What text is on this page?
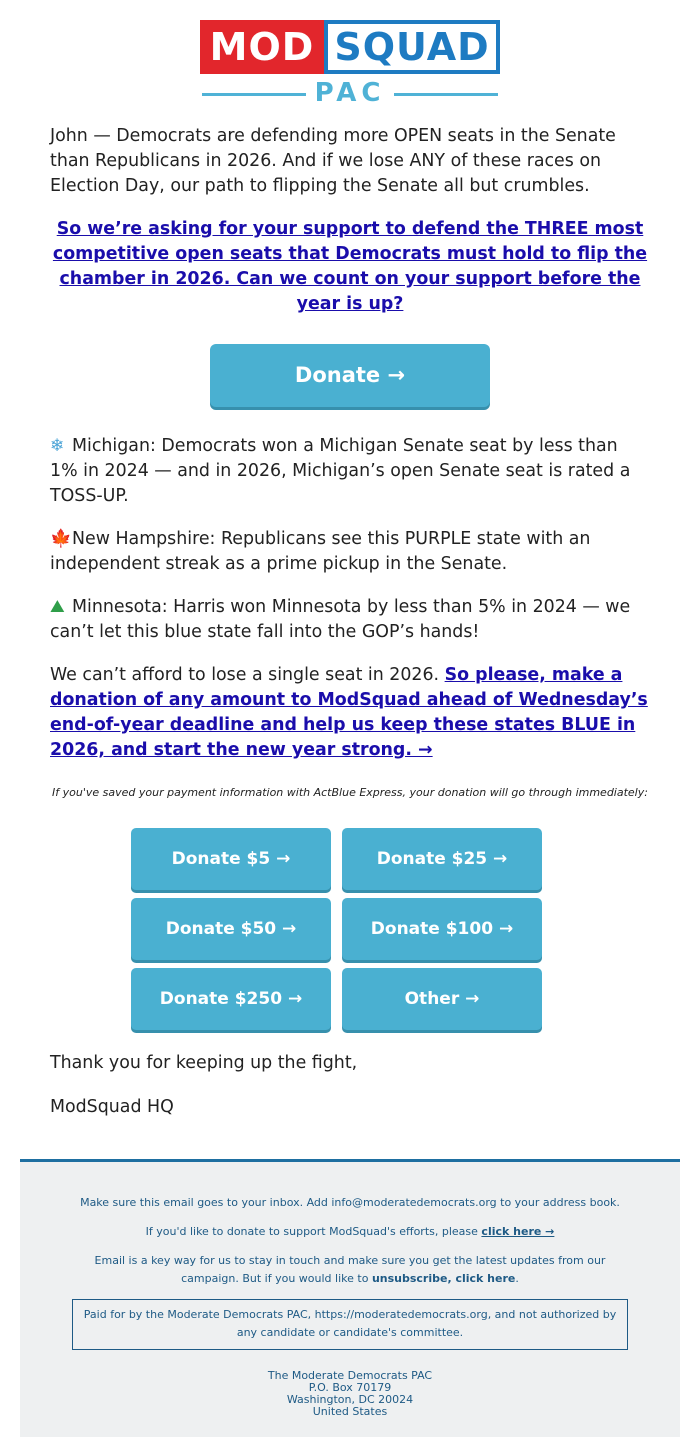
MOD SQUAD
PAC

John — Democrats are defending more OPEN seats in the Senate than Republicans in 2026. And if we lose ANY of these races on Election Day, our path to flipping the Senate all but crumbles.

So we’re asking for your support to defend the THREE most competitive open seats that Democrats must hold to flip the chamber in 2026. Can we count on your support before the year is up?
Donate →

❄ Michigan: Democrats won a Michigan Senate seat by less than 1% in 2024 — and in 2026, Michigan’s open Senate seat is rated a TOSS-UP.

🍁New Hampshire: Republicans see this PURPLE state with an independent streak as a prime pickup in the Senate.

⛰ Minnesota: Harris won Minnesota by less than 5% in 2024 — we can’t let this blue state fall into the GOP’s hands!

We can’t afford to lose a single seat in 2026. So please, make a donation of any amount to ModSquad ahead of Wednesday’s end-of-year deadline and help us keep these states BLUE in 2026, and start the new year strong. →

If you've saved your payment information with ActBlue Express, your donation will go through immediately:

Donate $5 →	Donate $25 →
Donate $50 →	Donate $100 →
Donate $250 →	Other →

Thank you for keeping up the fight,

ModSquad HQ

Make sure this email goes to your inbox. Add info@moderatedemocrats.org to your address book.
If you'd like to donate to support ModSquad's efforts, please click here →
Email is a key way for us to stay in touch and make sure you get the latest updates from our
campaign. But if you would like to unsubscribe, click here.
Paid for by the Moderate Democrats PAC, https://moderatedemocrats.org, and not authorized by any candidate or candidate's committee.
The Moderate Democrats PAC
P.O. Box 70179
Washington, DC 20024
United States
